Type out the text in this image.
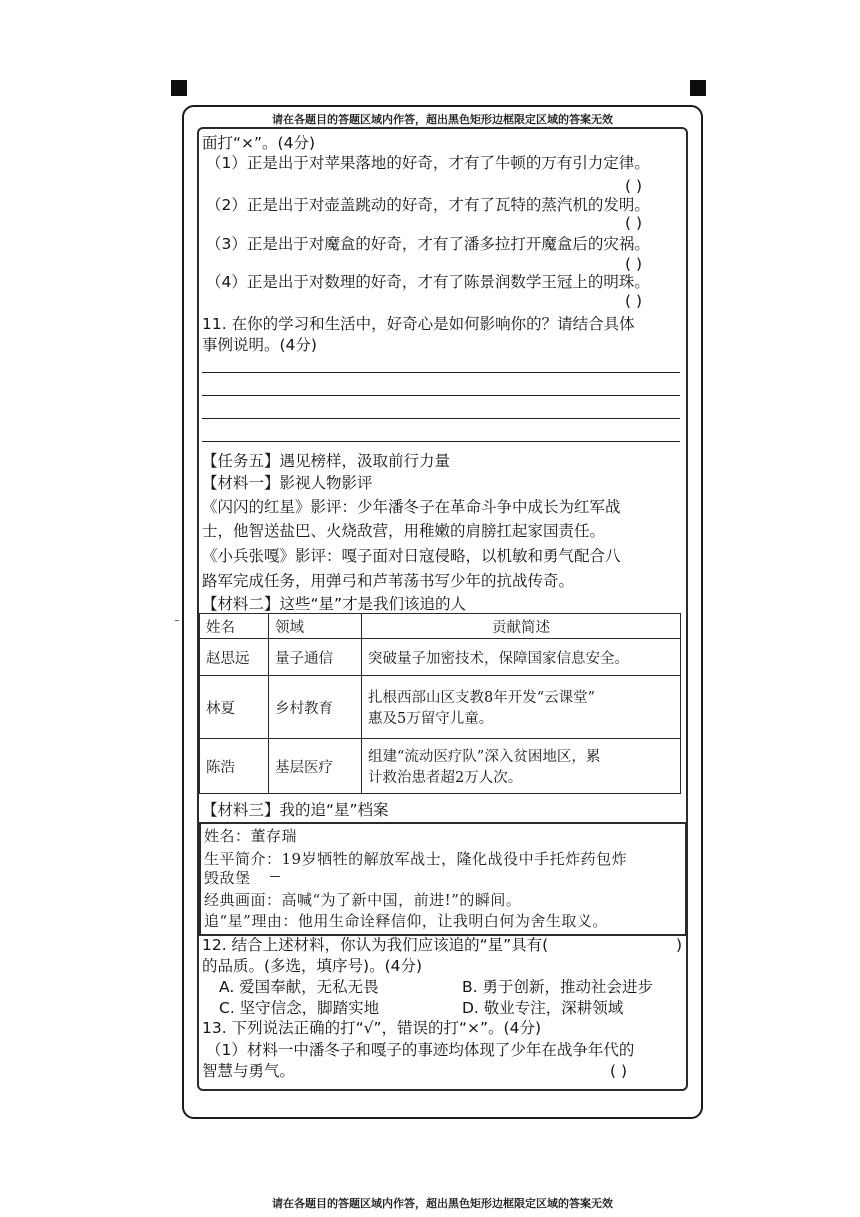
请在各题目的答题区域内作答，超出黑色矩形边框限定区域的答案无效
请在各题目的答题区域内作答，超出黑色矩形边框限定区域的答案无效
面打“×”。(4分)
（1）正是出于对苹果落地的好奇，才有了牛顿的万有引力定律。
( )
（2）正是出于对壶盖跳动的好奇，才有了瓦特的蒸汽机的发明。
( )
（3）正是出于对魔盒的好奇，才有了潘多拉打开魔盒后的灾祸。
( )
（4）正是出于对数理的好奇，才有了陈景润数学王冠上的明珠。
( )
11. 在你的学习和生活中，好奇心是如何影响你的？请结合具体
事例说明。(4分)
【任务五】遇见榜样，汲取前行力量
【材料一】影视人物影评
《闪闪的红星》影评：少年潘冬子在革命斗争中成长为红军战
士，他智送盐巴、火烧敌营，用稚嫩的肩膀扛起家国责任。
《小兵张嘎》影评：嘎子面对日寇侵略，以机敏和勇气配合八
路军完成任务，用弹弓和芦苇荡书写少年的抗战传奇。
【材料二】这些“星”才是我们该追的人
姓名	领域	贡献简述
赵思远	量子通信	突破量子加密技术，保障国家信息安全。
林夏	乡村教育	扎根西部山区支教8年开发“云课堂”
惠及5万留守儿童。

陈浩	基层医疗	组建“流动医疗队”深入贫困地区，累
计救治患者超2万人次。
【材料三】我的追“星”档案
姓名：董存瑞
生平简介：19岁牺牲的解放军战士，隆化战役中手托炸药包炸
毁敌堡
经典画面：高喊“为了新中国，前进!”的瞬间。
追“星”理由：他用生命诠释信仰，让我明白何为舍生取义。
12. 结合上述材料，你认为我们应该追的“星”具有(	)
的品质。(多选，填序号)。(4分)
A. 爱国奉献，无私无畏	B. 勇于创新，推动社会进步
C. 坚守信念，脚踏实地	D. 敬业专注，深耕领域
13. 下列说法正确的打“√”，错误的打“×”。(4分)
（1）材料一中潘冬子和嘎子的事迹均体现了少年在战争年代的
智慧与勇气。	( )
